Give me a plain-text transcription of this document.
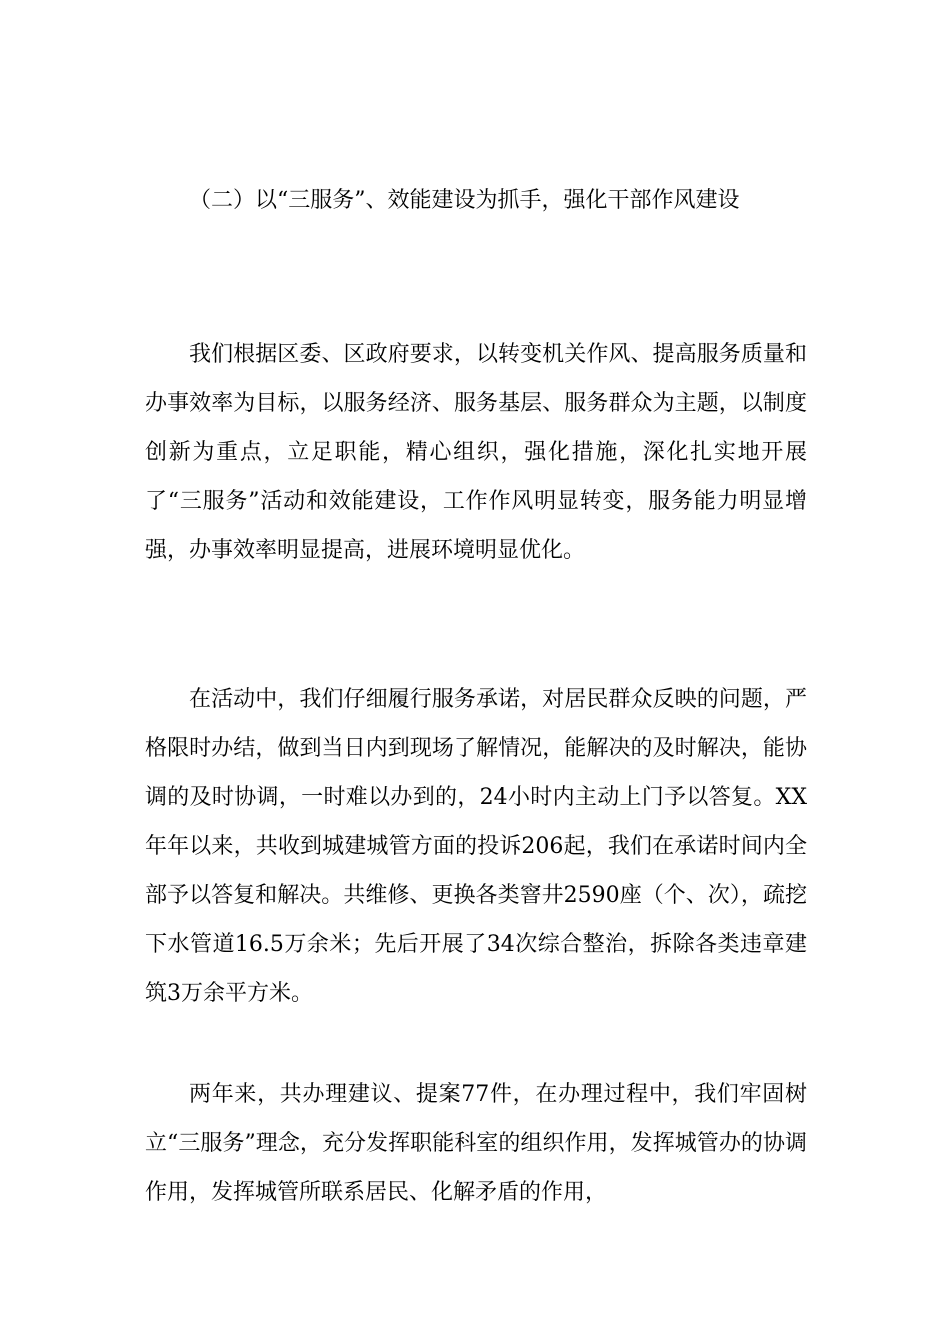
（二）以“三服务”、效能建设为抓手，强化干部作风建设

我们根据区委、区政府要求，以转变机关作风、提高服务质量和办事效率为目标，以服务经济、服务基层、服务群众为主题，以制度创新为重点，立足职能，精心组织，强化措施，深化扎实地开展了“三服务”活动和效能建设，工作作风明显转变，服务能力明显增强，办事效率明显提高，进展环境明显优化。

在活动中，我们仔细履行服务承诺，对居民群众反映的问题，严格限时办结，做到当日内到现场了解情况，能解决的及时解决，能协调的及时协调，一时难以办到的，24小时内主动上门予以答复。XX年年以来，共收到城建城管方面的投诉206起，我们在承诺时间内全部予以答复和解决。共维修、更换各类窨井2590座（个、次），疏挖下水管道16.5万余米；先后开展了34次综合整治，拆除各类违章建筑3万余平方米。

两年来，共办理建议、提案77件，在办理过程中，我们牢固树立“三服务”理念，充分发挥职能科室的组织作用，发挥城管办的协调作用，发挥城管所联系居民、化解矛盾的作用，
